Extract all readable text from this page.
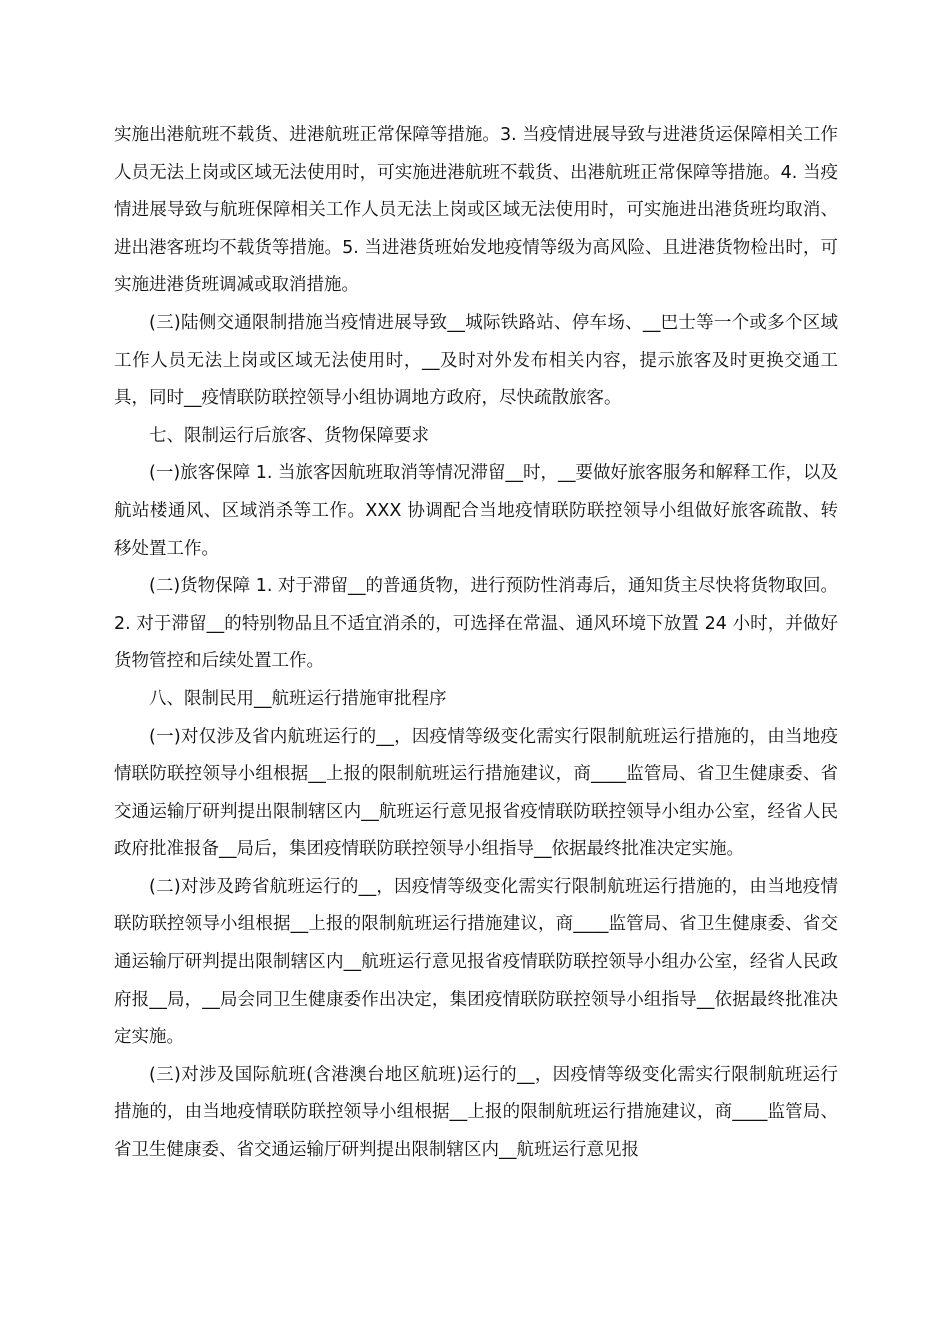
实施出港航班不载货、进港航班正常保障等措施。3. 当疫情进展导致与进港货运保障相关工作人员无法上岗或区域无法使用时，可实施进港航班不载货、出港航班正常保障等措施。4. 当疫情进展导致与航班保障相关工作人员无法上岗或区域无法使用时，可实施进出港货班均取消、进出港客班均不载货等措施。5. 当进港货班始发地疫情等级为高风险、且进港货物检出时，可实施进港货班调减或取消措施。

(三)陆侧交通限制措施当疫情进展导致__城际铁路站、停车场、__巴士等一个或多个区域工作人员无法上岗或区域无法使用时，__及时对外发布相关内容，提示旅客及时更换交通工具，同时__疫情联防联控领导小组协调地方政府，尽快疏散旅客。

七、限制运行后旅客、货物保障要求

(一)旅客保障 1. 当旅客因航班取消等情况滞留__时，__要做好旅客服务和解释工作，以及航站楼通风、区域消杀等工作。XXX 协调配合当地疫情联防联控领导小组做好旅客疏散、转移处置工作。

(二)货物保障 1. 对于滞留__的普通货物，进行预防性消毒后，通知货主尽快将货物取回。2. 对于滞留__的特别物品且不适宜消杀的，可选择在常温、通风环境下放置 24 小时，并做好货物管控和后续处置工作。

八、限制民用__航班运行措施审批程序

(一)对仅涉及省内航班运行的__，因疫情等级变化需实行限制航班运行措施的，由当地疫情联防联控领导小组根据__上报的限制航班运行措施建议，商____监管局、省卫生健康委、省交通运输厅研判提出限制辖区内__航班运行意见报省疫情联防联控领导小组办公室，经省人民政府批准报备__局后，集团疫情联防联控领导小组指导__依据最终批准决定实施。

(二)对涉及跨省航班运行的__，因疫情等级变化需实行限制航班运行措施的，由当地疫情联防联控领导小组根据__上报的限制航班运行措施建议，商____监管局、省卫生健康委、省交通运输厅研判提出限制辖区内__航班运行意见报省疫情联防联控领导小组办公室，经省人民政府报__局，__局会同卫生健康委作出决定，集团疫情联防联控领导小组指导__依据最终批准决定实施。

(三)对涉及国际航班(含港澳台地区航班)运行的__，因疫情等级变化需实行限制航班运行措施的，由当地疫情联防联控领导小组根据__上报的限制航班运行措施建议，商____监管局、省卫生健康委、省交通运输厅研判提出限制辖区内__航班运行意见报
